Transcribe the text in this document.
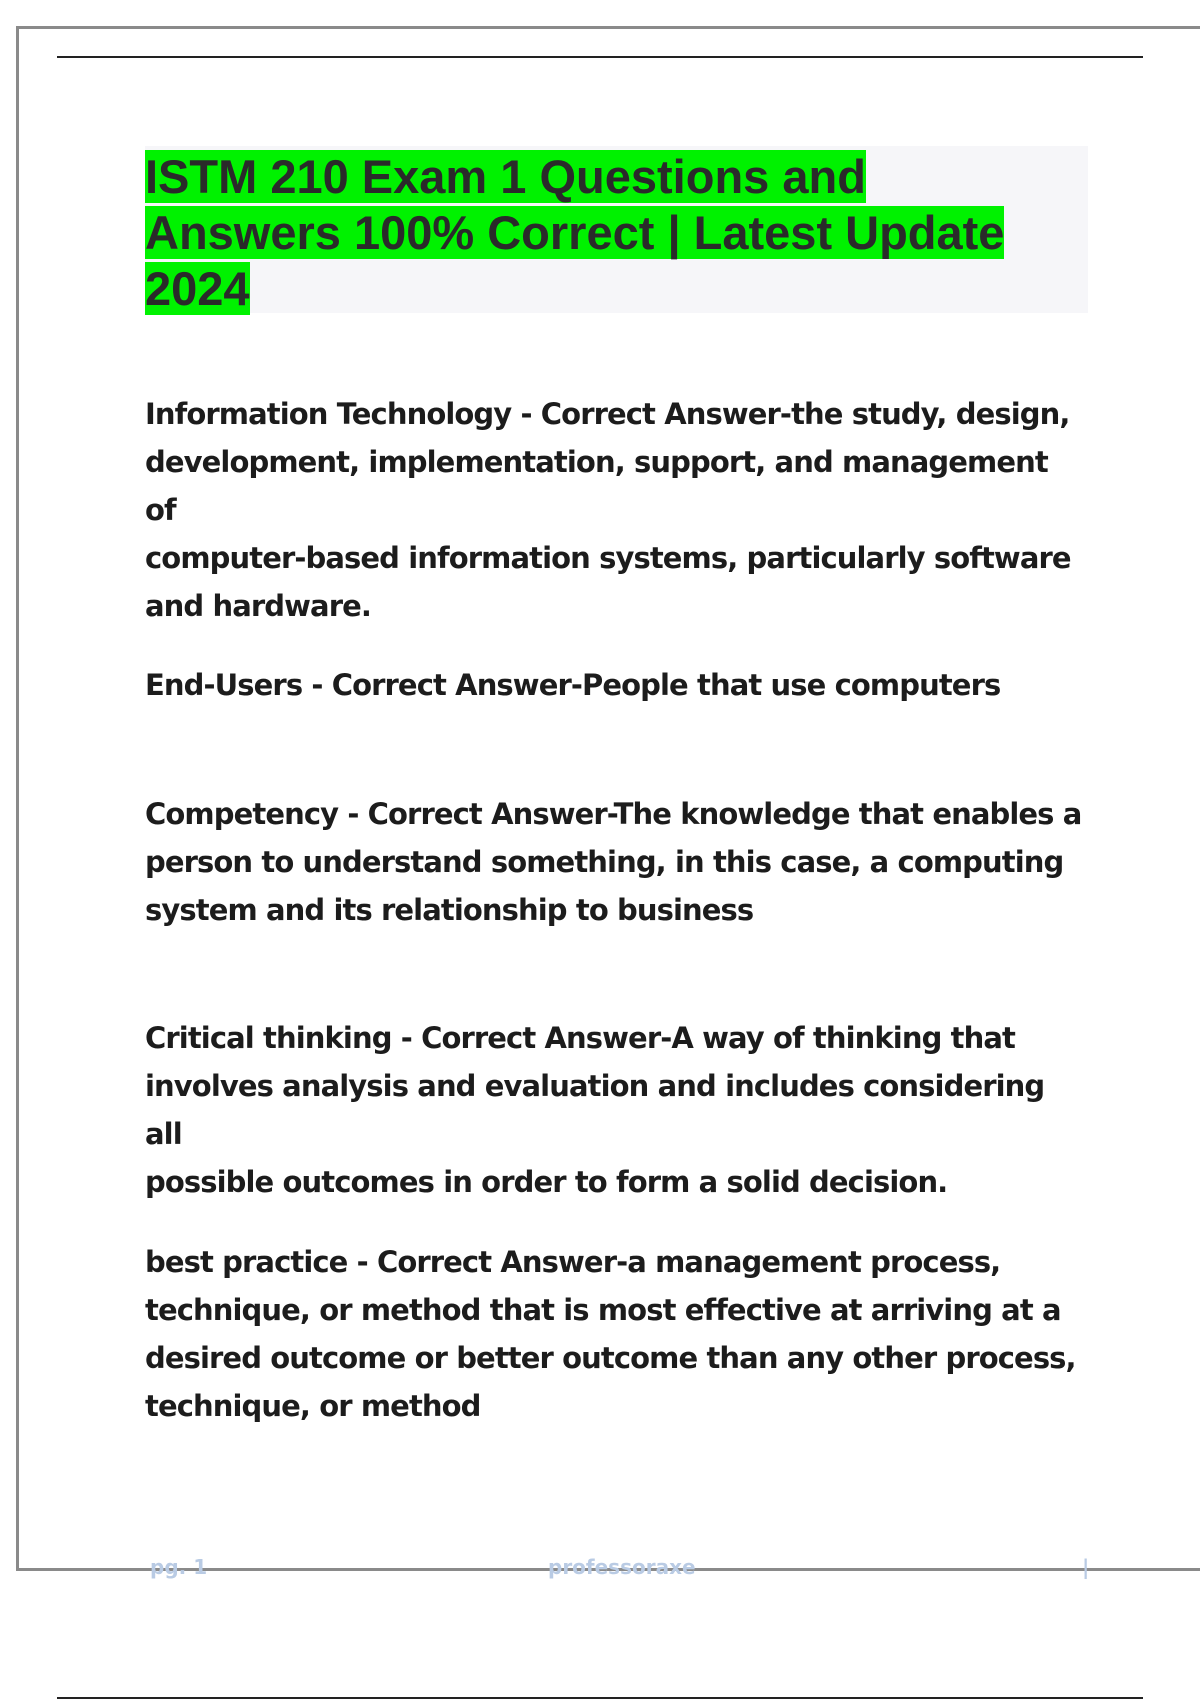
ISTM 210 Exam 1 Questions and
Answers 100% Correct | Latest Update
2024

Information Technology - Correct Answer-the study, design,
development, implementation, support, and management of
computer-based information systems, particularly software
and hardware.

End-Users - Correct Answer-People that use computers

Competency - Correct Answer-The knowledge that enables a
person to understand something, in this case, a computing
system and its relationship to business

Critical thinking - Correct Answer-A way of thinking that
involves analysis and evaluation and includes considering all
possible outcomes in order to form a solid decision.

best practice - Correct Answer-a management process,
technique, or method that is most effective at arriving at a
desired outcome or better outcome than any other process,
technique, or method

pg. 1	professoraxe	|
